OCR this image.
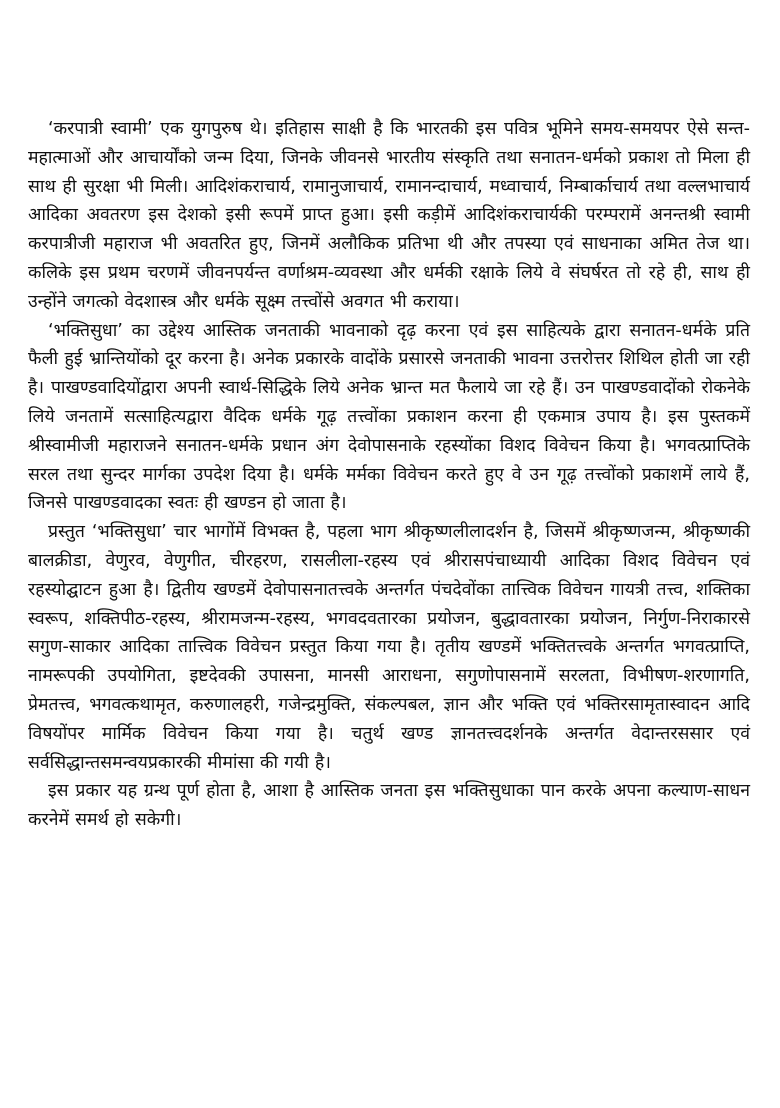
‘करपात्री स्वामी’ एक युगपुरुष थे। इतिहास साक्षी है कि भारतकी इस पवित्र भूमिने समय-समयपर ऐसे सन्त-महात्माओं और आचार्योंको जन्म दिया, जिनके जीवनसे भारतीय संस्कृति तथा सनातन-धर्मको प्रकाश तो मिला ही साथ ही सुरक्षा भी मिली। आदिशंकराचार्य, रामानुजाचार्य, रामानन्दाचार्य, मध्वाचार्य, निम्बार्काचार्य तथा वल्लभाचार्य आदिका अवतरण इस देशको इसी रूपमें प्राप्त हुआ। इसी कड़ीमें आदिशंकराचार्यकी परम्परामें अनन्तश्री स्वामी करपात्रीजी महाराज भी अवतरित हुए, जिनमें अलौकिक प्रतिभा थी और तपस्या एवं साधनाका अमित तेज था। कलिके इस प्रथम चरणमें जीवनपर्यन्त वर्णाश्रम-व्यवस्था और धर्मकी रक्षाके लिये वे संघर्षरत तो रहे ही, साथ ही उन्होंने जगत्को वेदशास्त्र और धर्मके सूक्ष्म तत्त्वोंसे अवगत भी कराया।

‘भक्तिसुधा’ का उद्देश्य आस्तिक जनताकी भावनाको दृढ़ करना एवं इस साहित्यके द्वारा सनातन-धर्मके प्रति फैली हुई भ्रान्तियोंको दूर करना है। अनेक प्रकारके वादोंके प्रसारसे जनताकी भावना उत्तरोत्तर शिथिल होती जा रही है। पाखण्डवादियोंद्वारा अपनी स्वार्थ-सिद्धिके लिये अनेक भ्रान्त मत फैलाये जा रहे हैं। उन पाखण्डवादोंको रोकनेके लिये जनतामें सत्साहित्यद्वारा वैदिक धर्मके गूढ़ तत्त्वोंका प्रकाशन करना ही एकमात्र उपाय है। इस पुस्तकमें श्रीस्वामीजी महाराजने सनातन-धर्मके प्रधान अंग देवोपासनाके रहस्योंका विशद विवेचन किया है। भगवत्प्राप्तिके सरल तथा सुन्दर मार्गका उपदेश दिया है। धर्मके मर्मका विवेचन करते हुए वे उन गूढ़ तत्त्वोंको प्रकाशमें लाये हैं, जिनसे पाखण्डवादका स्वतः ही खण्डन हो जाता है।

प्रस्तुत ‘भक्तिसुधा’ चार भागोंमें विभक्त है, पहला भाग श्रीकृष्णलीलादर्शन है, जिसमें श्रीकृष्णजन्म, श्रीकृष्णकी बालक्रीडा, वेणुरव, वेणुगीत, चीरहरण, रासलीला-रहस्य एवं श्रीरासपंचाध्यायी आदिका विशद विवेचन एवं रहस्योद्घाटन हुआ है। द्वितीय खण्डमें देवोपासनातत्त्वके अन्तर्गत पंचदेवोंका तात्त्विक विवेचन गायत्री तत्त्व, शक्तिका स्वरूप, शक्तिपीठ-रहस्य, श्रीरामजन्म-रहस्य, भगवदवतारका प्रयोजन, बुद्धावतारका प्रयोजन, निर्गुण-निराकारसे सगुण-साकार आदिका तात्त्विक विवेचन प्रस्तुत किया गया है। तृतीय खण्डमें भक्तितत्त्वके अन्तर्गत भगवत्प्राप्ति, नामरूपकी उपयोगिता, इष्टदेवकी उपासना, मानसी आराधना, सगुणोपासनामें सरलता, विभीषण-शरणागति, प्रेमतत्त्व, भगवत्कथामृत, करुणालहरी, गजेन्द्रमुक्ति, संकल्पबल, ज्ञान और भक्ति एवं भक्तिरसामृतास्वादन आदि विषयोंपर मार्मिक विवेचन किया गया है। चतुर्थ खण्ड ज्ञानतत्त्वदर्शनके अन्तर्गत वेदान्तरससार एवं सर्वसिद्धान्तसमन्वयप्रकारकी मीमांसा की गयी है।

इस प्रकार यह ग्रन्थ पूर्ण होता है, आशा है आस्तिक जनता इस भक्तिसुधाका पान करके अपना कल्याण-साधन करनेमें समर्थ हो सकेगी।
